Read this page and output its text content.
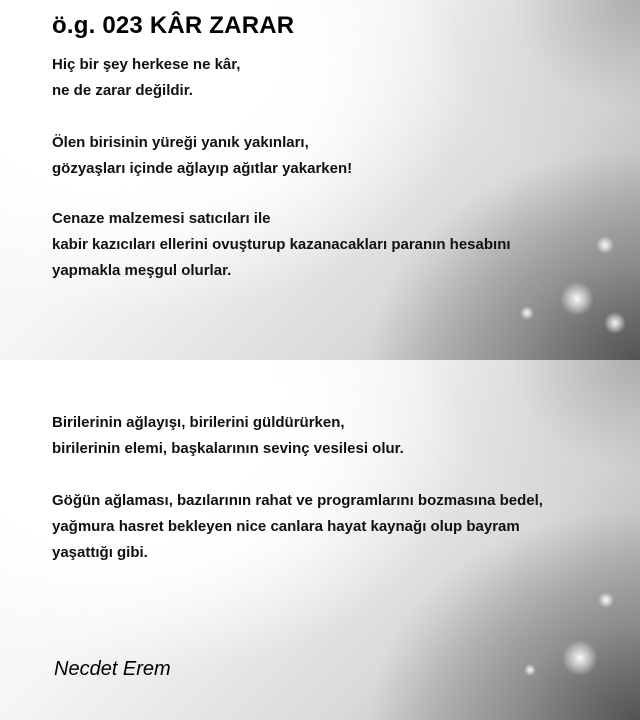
ö.g. 023 KÂR ZARAR
Hiç bir şey herkese ne kâr,
ne de zarar değildir.
Ölen birisinin yüreği yanık yakınları,
gözyaşları içinde ağlayıp ağıtlar yakarken!
Cenaze malzemesi satıcıları ile
kabir kazıcıları ellerini ovuşturup kazanacakları paranın hesabını
yapmakla meşgul olurlar.
Birilerinin ağlayışı, birilerini güldürürken,
birilerinin elemi, başkalarının sevinç vesilesi olur.
Göğün ağlaması, bazılarının rahat ve programlarını bozmasına bedel,
yağmura hasret bekleyen nice canlara hayat kaynağı olup bayram
yaşattığı gibi.
Necdet Erem
